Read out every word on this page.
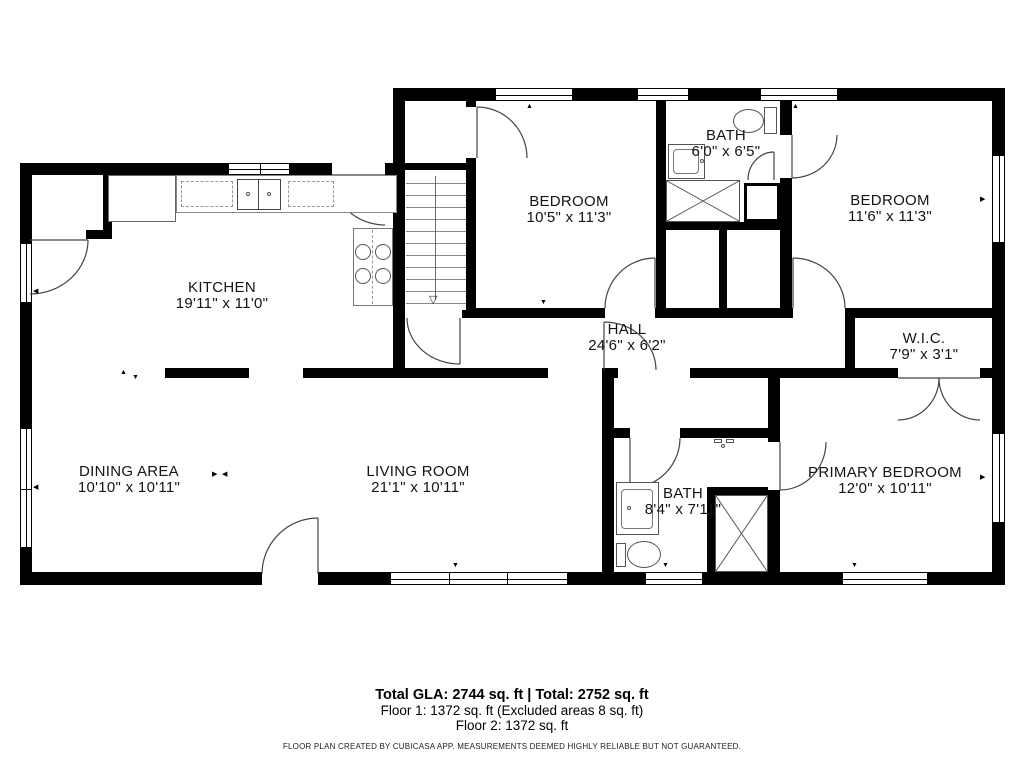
▲	▲	▲
▼
▼	▼
▼
▶
▶
◀
◀
▲
▼
▶ ◀
▽
KITCHEN
19'11" x 11'0"
BEDROOM
10'5" x 11'3"
BATH
6'0" x 6'5"
BEDROOM
11'6" x 11'3"
HALL
24'6" x 6'2"	W.I.C.
7'9" x 3'1"
DINING AREA
10'10" x 10'11"
LIVING ROOM
21'1" x 10'11"	BATH
8'4" x 7'11"
PRIMARY BEDROOM
12'0" x 10'11"
Total GLA: 2744 sq. ft | Total: 2752 sq. ft
Floor 1: 1372 sq. ft (Excluded areas 8 sq. ft)
Floor 2: 1372 sq. ft
FLOOR PLAN CREATED BY CUBICASA APP. MEASUREMENTS DEEMED HIGHLY RELIABLE BUT NOT GUARANTEED.
